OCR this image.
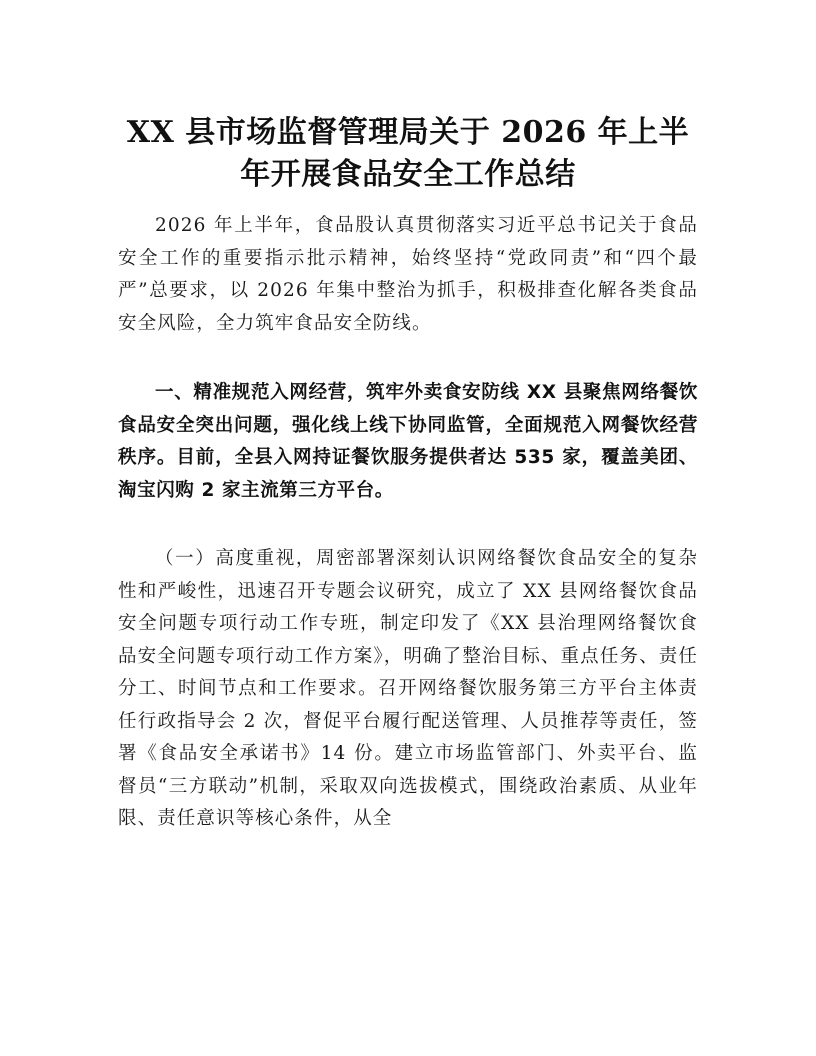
XX 县市场监督管理局关于 2026 年上半年开展食品安全工作总结

2026 年上半年，食品股认真贯彻落实习近平总书记关于食品安全工作的重要指示批示精神，始终坚持“党政同责”和“四个最严”总要求，以 2026 年集中整治为抓手，积极排查化解各类食品安全风险，全力筑牢食品安全防线。

一、精准规范入网经营，筑牢外卖食安防线 XX 县聚焦网络餐饮食品安全突出问题，强化线上线下协同监管，全面规范入网餐饮经营秩序。目前，全县入网持证餐饮服务提供者达 535 家，覆盖美团、淘宝闪购 2 家主流第三方平台。

（一）高度重视，周密部署深刻认识网络餐饮食品安全的复杂性和严峻性，迅速召开专题会议研究，成立了 XX 县网络餐饮食品安全问题专项行动工作专班，制定印发了《XX 县治理网络餐饮食品安全问题专项行动工作方案》，明确了整治目标、重点任务、责任分工、时间节点和工作要求。召开网络餐饮服务第三方平台主体责任行政指导会 2 次，督促平台履行配送管理、人员推荐等责任，签署《食品安全承诺书》14 份。建立市场监管部门、外卖平台、监督员“三方联动”机制，采取双向选拔模式，围绕政治素质、从业年限、责任意识等核心条件，从全
